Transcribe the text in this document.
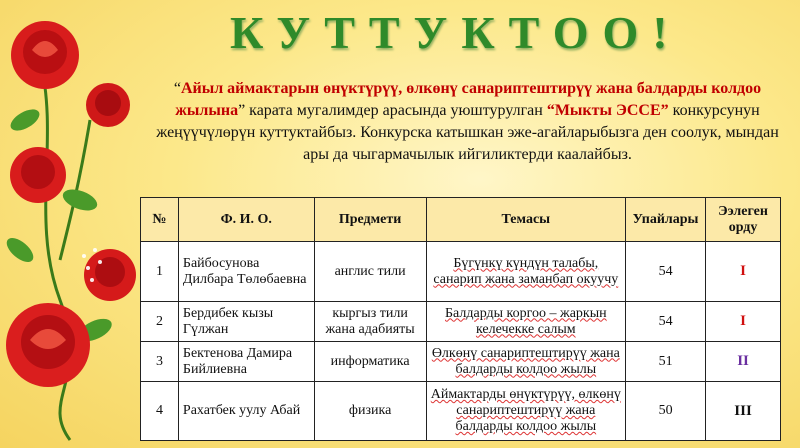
КУТТУКТОО!
“Айыл аймактарын өнүктүрүү, өлкөнү санариптештирүү жана балдарды колдоо жылына” карата мугалимдер арасында уюштурулган “Мыкты ЭССЕ” конкурсунун жеңүүчүлөрүн куттуктайбыз. Конкурска катышкан эже-агайларыбызга ден соолук, мындан ары да чыгармачылык ийгиликтерди каалайбыз.
№	Ф. И. О.	Предмети	Темасы	Упайлары	Ээлеген орду
1	Байбосунова Дилбара Төлөбаевна	англис тили	Бүгүнкү күндүн талабы, санарип жана заманбап окуучу	54	I
2	Бердибек кызы Гүлжан	кыргыз тили жана адабияты	Балдарды коргоо – жаркын келечекке салым	54	I
3	Бектенова Дамира Бийлиевна	информатика	Өлкөнү санариптештирүү жана балдарды колдоо жылы	51	II
4	Рахатбек уулу Абай	физика	Аймактарды өнүктүрүү, өлкөнү санариптештирүү жана балдарды колдоо жылы	50	III
